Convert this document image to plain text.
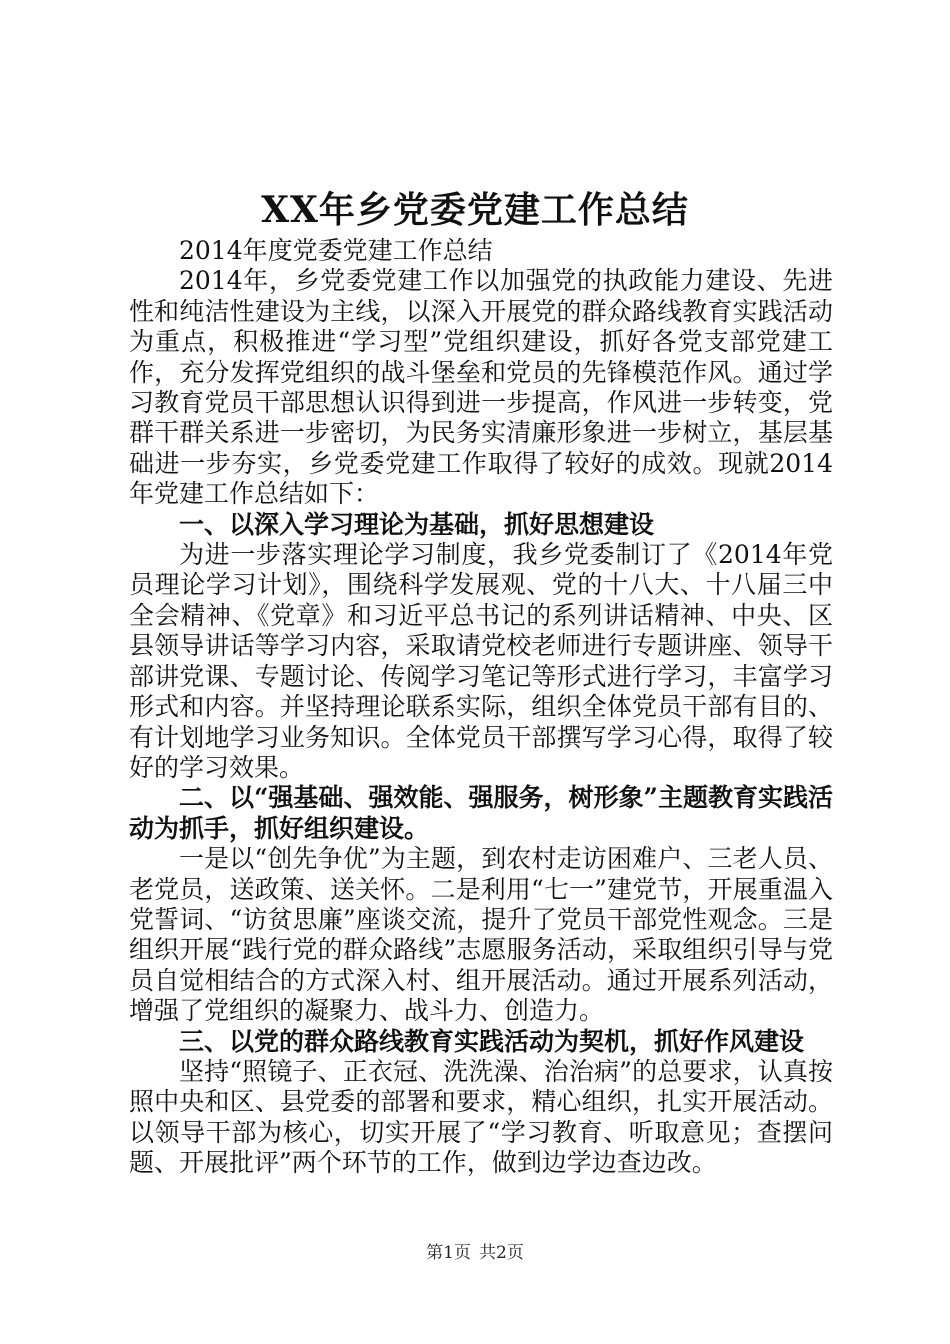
XX年乡党委党建工作总结

2014年度党委党建工作总结

2014年，乡党委党建工作以加强党的执政能力建设、先进性和纯洁性建设为主线，以深入开展党的群众路线教育实践活动为重点，积极推进“学习型”党组织建设，抓好各党支部党建工作，充分发挥党组织的战斗堡垒和党员的先锋模范作风。通过学习教育党员干部思想认识得到进一步提高，作风进一步转变，党群干群关系进一步密切，为民务实清廉形象进一步树立，基层基础进一步夯实，乡党委党建工作取得了较好的成效。现就2014年党建工作总结如下：

一、以深入学习理论为基础，抓好思想建设

为进一步落实理论学习制度，我乡党委制订了《2014年党员理论学习计划》，围绕科学发展观、党的十八大、十八届三中全会精神、《党章》和习近平总书记的系列讲话精神、中央、区县领导讲话等学习内容，采取请党校老师进行专题讲座、领导干部讲党课、专题讨论、传阅学习笔记等形式进行学习，丰富学习形式和内容。并坚持理论联系实际，组织全体党员干部有目的、有计划地学习业务知识。全体党员干部撰写学习心得，取得了较好的学习效果。

二、以“强基础、强效能、强服务，树形象”主题教育实践活动为抓手，抓好组织建设。

一是以“创先争优”为主题，到农村走访困难户、三老人员、老党员，送政策、送关怀。二是利用“七一”建党节，开展重温入党誓词、“访贫思廉”座谈交流，提升了党员干部党性观念。三是组织开展“践行党的群众路线”志愿服务活动，采取组织引导与党员自觉相结合的方式深入村、组开展活动。通过开展系列活动，增强了党组织的凝聚力、战斗力、创造力。

三、以党的群众路线教育实践活动为契机，抓好作风建设

坚持“照镜子、正衣冠、洗洗澡、治治病”的总要求，认真按照中央和区、县党委的部署和要求，精心组织，扎实开展活动。以领导干部为核心，切实开展了“学习教育、听取意见；查摆问题、开展批评”两个环节的工作，做到边学边查边改。

第1页 共2页
